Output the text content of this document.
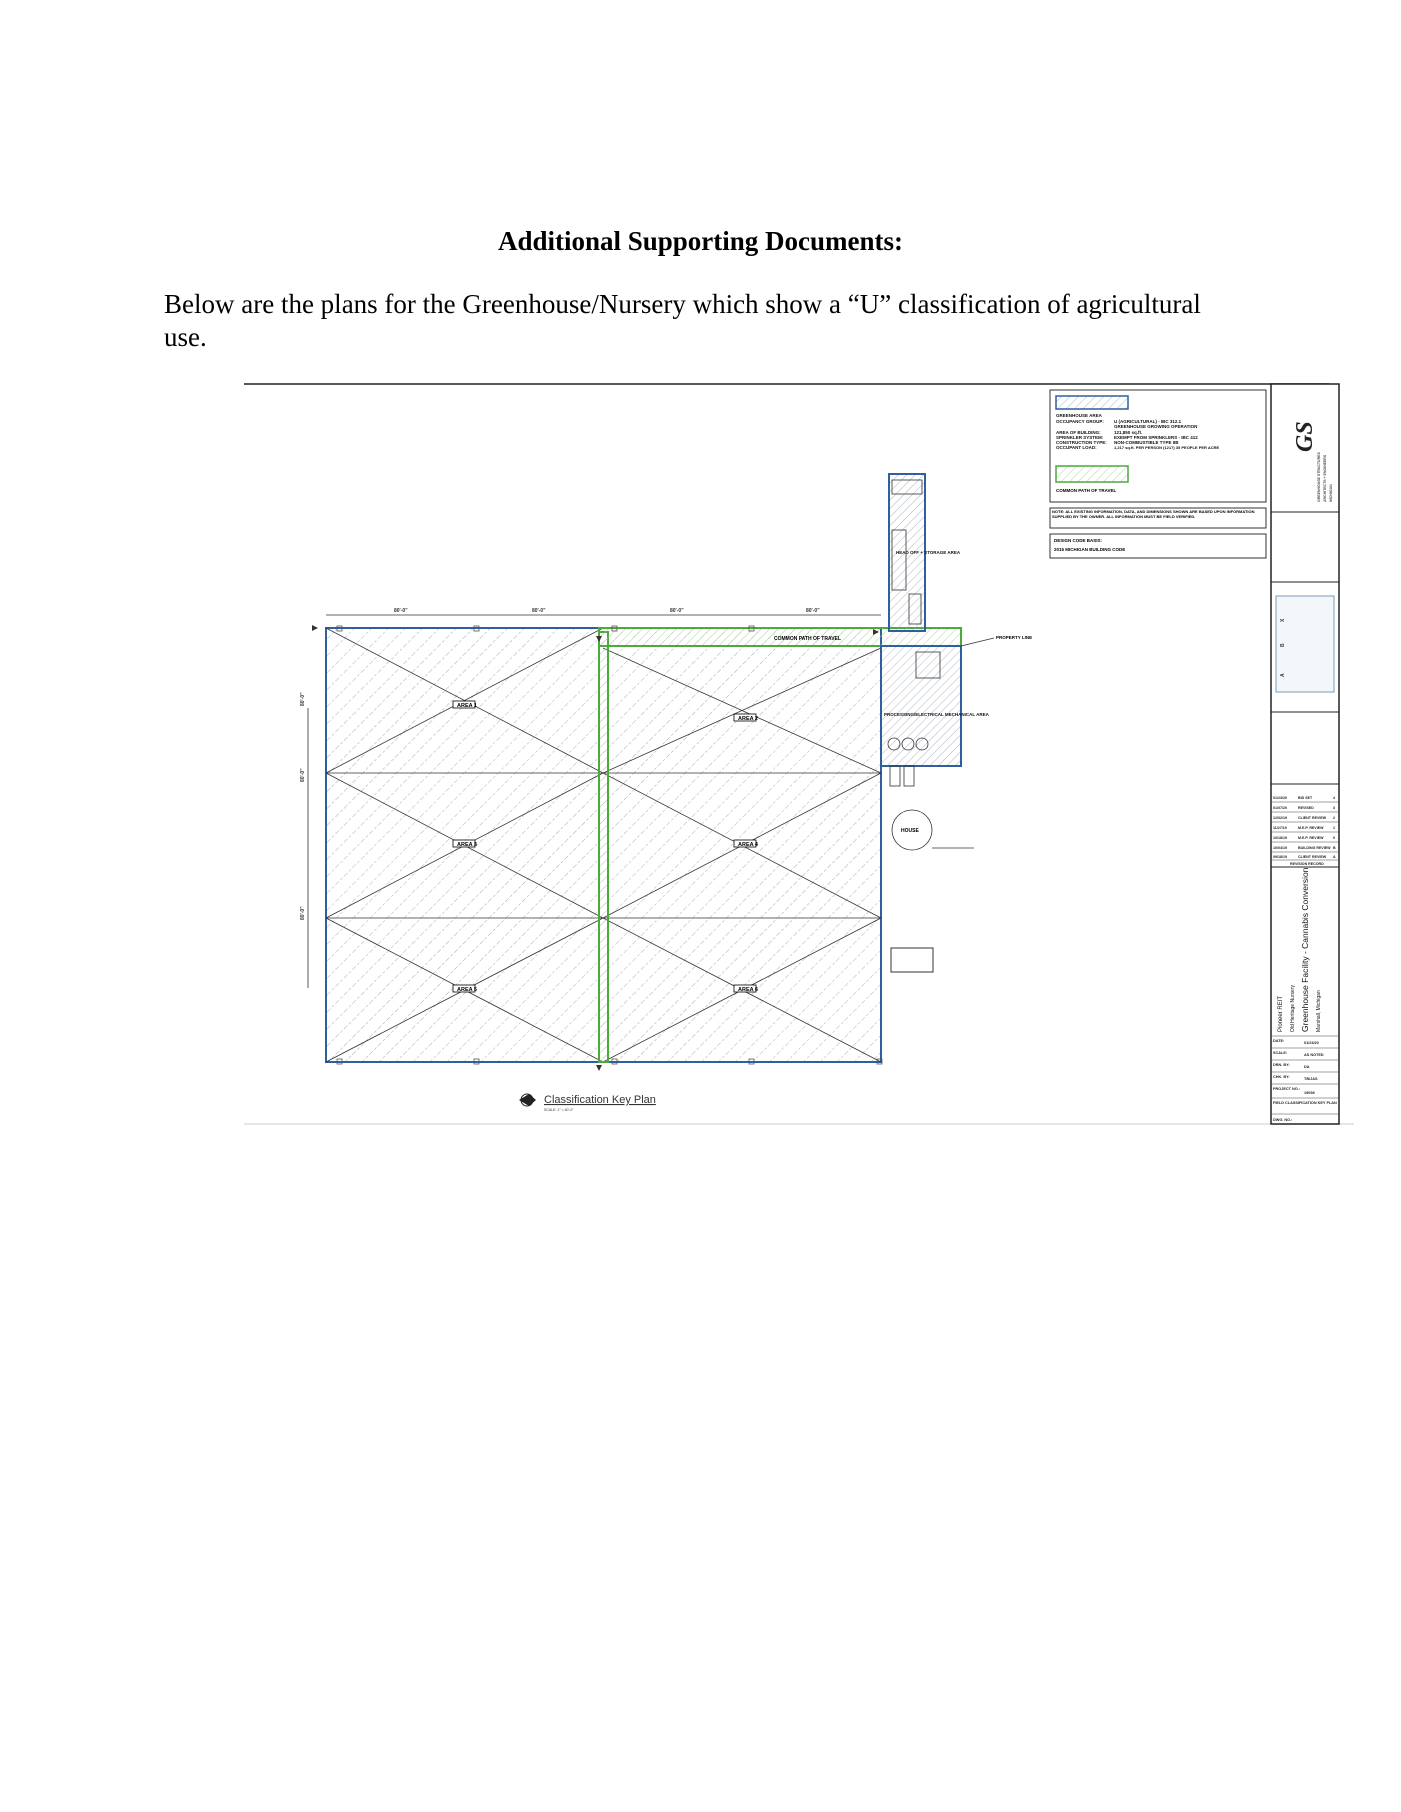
Additional Supporting Documents:
Below are the plans for the Greenhouse/Nursery which show a “U” classification of agricultural use.
AREA 1
AREA 2
AREA 3	AREA 4
AREA 5	AREA 6
COMMON PATH OF TRAVEL
80'-0"	80'-0"	80'-0"	80'-0"
80'-0"
80'-0"
80'-0"
HEAD OFF + STORAGE AREA
PROCESSING/ELECTRICAL MECHANICAL AREA
HOUSE
PROPERTY LINE
Classification Key Plan
SCALE: 1" = 40'-0"
GREENHOUSE AREA
OCCUPANCY GROUP: U (AGRICULTURAL) - IBC 312.1
GREENHOUSE GROWING OPERATION
AREA OF BUILDING:	121,850 sq.ft.
SPRINKLER SYSTEM: EXEMPT FROM SPRINKLERS - IBC 412
CONSTRUCTION TYPE: NON-COMBUSTIBLE TYPE IIB
OCCUPANT LOAD:	1,217 sq.ft. PER PERSON (1217) 35 PEOPLE PER ACRE
COMMON PATH OF TRAVEL
NOTE: ALL EXISTING INFORMATION, DATA, AND DIMENSIONS SHOWN ARE BASED UPON INFORMATION SUPPLIED BY THE OWNER. ALL INFORMATION MUST BE FIELD VERIFIED.
DESIGN CODE BASIS:
2015 MICHIGAN BUILDING CODE
GS
GREENHOUSE STRUCTURES ARCHITECTS + ENGINEERS MICHIGAN
A
B
X
01/23/20	BID SET	4
01/07/20	REVISED	3
12/02/19	CLIENT REVIEW 2
11/27/19	M.E.P. REVIEW	1
10/18/19	M.E.P. REVIEW	0
10/04/19	BUILDING REVIEW B
09/18/19	CLIENT REVIEW A
REVISION RECORD
Pioneer REIT Old Heritage Nursery Greenhouse Facility - Cannabis Conversion Marshall, Michigan
DATE:	01/23/20
SCALE:	AS NOTED
DRN. BY:	DA
CHK. BY:	TB/JAS
PROJECT NO.:
19098
FIELD CLASSIFICATION KEY PLAN
DWG. NO.:
